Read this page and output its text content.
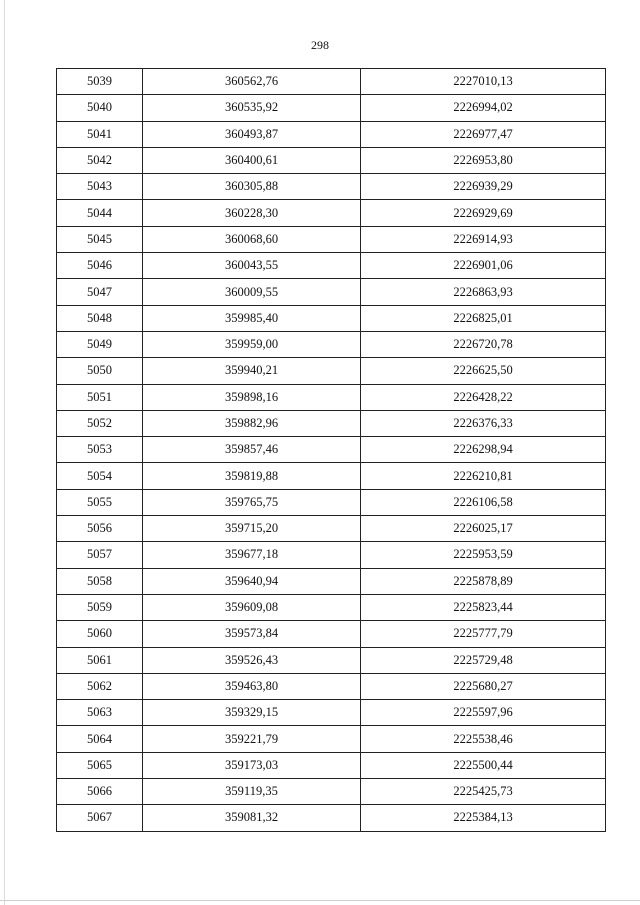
298
5039	360562,76	2227010,13
5040	360535,92	2226994,02
5041	360493,87	2226977,47
5042	360400,61	2226953,80
5043	360305,88	2226939,29
5044	360228,30	2226929,69
5045	360068,60	2226914,93
5046	360043,55	2226901,06
5047	360009,55	2226863,93
5048	359985,40	2226825,01
5049	359959,00	2226720,78
5050	359940,21	2226625,50
5051	359898,16	2226428,22
5052	359882,96	2226376,33
5053	359857,46	2226298,94
5054	359819,88	2226210,81
5055	359765,75	2226106,58
5056	359715,20	2226025,17
5057	359677,18	2225953,59
5058	359640,94	2225878,89
5059	359609,08	2225823,44
5060	359573,84	2225777,79
5061	359526,43	2225729,48
5062	359463,80	2225680,27
5063	359329,15	2225597,96
5064	359221,79	2225538,46
5065	359173,03	2225500,44
5066	359119,35	2225425,73
5067	359081,32	2225384,13
